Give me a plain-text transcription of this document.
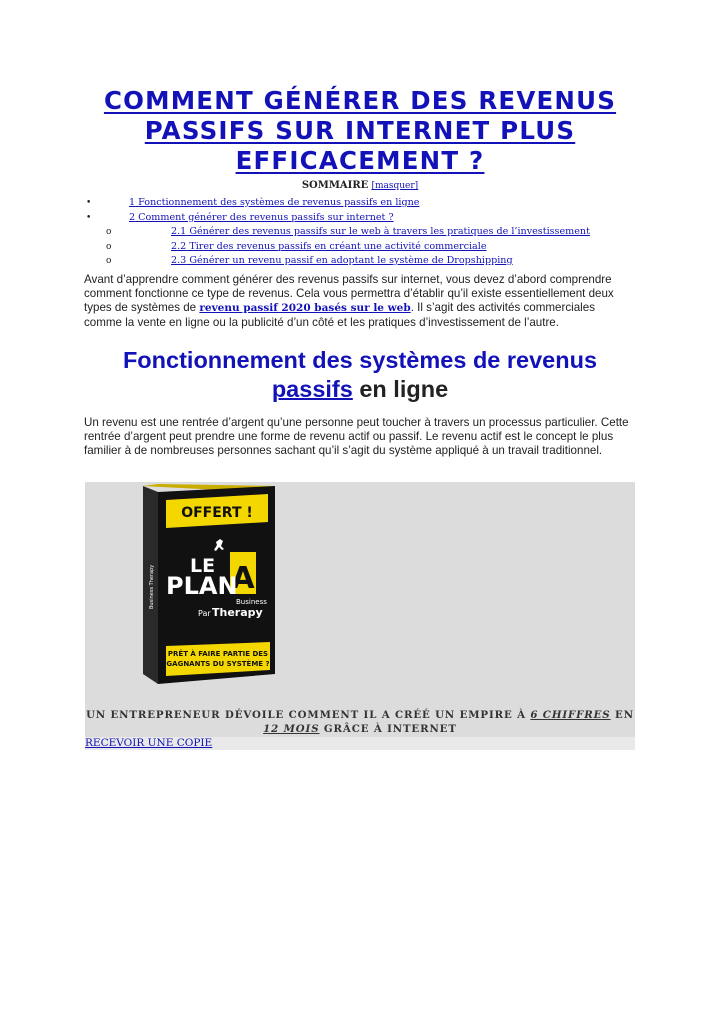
COMMENT GÉNÉRER DES REVENUS PASSIFS SUR INTERNET PLUS EFFICACEMENT ?
SOMMAIRE [masquer]
•	1 Fonctionnement des systèmes de revenus passifs en ligne
•	2 Comment générer des revenus passifs sur internet ?
o	2.1 Générer des revenus passifs sur le web à travers les pratiques de l’investissement
o	2.2 Tirer des revenus passifs en créant une activité commerciale
o	2.3 Générer un revenu passif en adoptant le système de Dropshipping

Avant d’apprendre comment générer des revenus passifs sur internet, vous devez d’abord comprendre comment fonctionne ce type de revenus. Cela vous permettra d’établir qu’il existe essentiellement deux types de systèmes de revenu passif 2020 basés sur le web. Il s’agit des activités commerciales comme la vente en ligne ou la publicité d’un côté et les pratiques d’investissement de l’autre.

Fonctionnement des systèmes de revenus passifs en ligne

Un revenu est une rentrée d’argent qu’une personne peut toucher à travers un processus particulier. Cette rentrée d’argent peut prendre une forme de revenu actif ou passif. Le revenu actif est le concept le plus familier à de nombreuses personnes sachant qu’il s’agit du système appliqué à un travail traditionnel.

OFFERT !
LE A
PLAN
Business
Par Therapy
PRÊT À FAIRE PARTIE DES
GAGNANTS DU SYSTÈME ?
Business Therapy
UN ENTREPRENEUR DÉVOILE COMMENT IL A CRÉÉ UN EMPIRE À 6 CHIFFRES EN 12 MOIS GRÂCE À INTERNET
RECEVOIR UNE COPIE
